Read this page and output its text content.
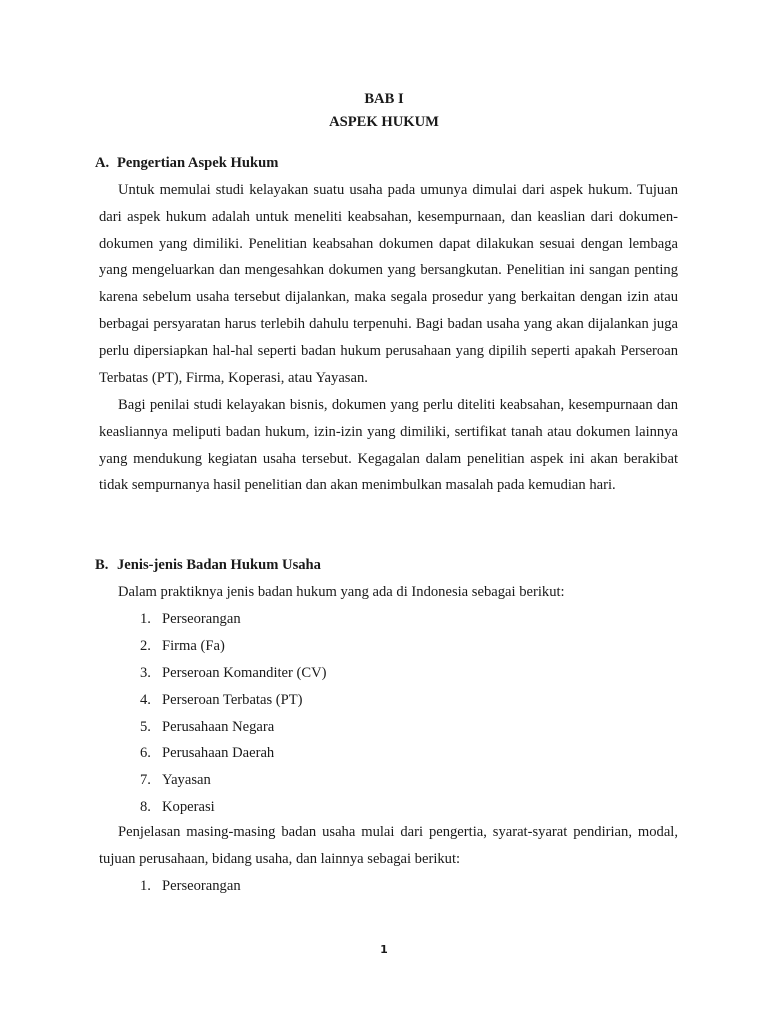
BAB I
ASPEK HUKUM
A. Pengertian Aspek Hukum

Untuk memulai studi kelayakan suatu usaha pada umunya dimulai dari aspek hukum. Tujuan dari aspek hukum adalah untuk meneliti keabsahan, kesempurnaan, dan keaslian dari dokumen-dokumen yang dimiliki. Penelitian keabsahan dokumen dapat dilakukan sesuai dengan lembaga yang mengeluarkan dan mengesahkan dokumen yang bersangkutan. Penelitian ini sangan penting karena sebelum usaha tersebut dijalankan, maka segala prosedur yang berkaitan dengan izin atau berbagai persyaratan harus terlebih dahulu terpenuhi. Bagi badan usaha yang akan dijalankan juga perlu dipersiapkan hal-hal seperti badan hukum perusahaan yang dipilih seperti apakah Perseroan Terbatas (PT), Firma, Koperasi, atau Yayasan.

Bagi penilai studi kelayakan bisnis, dokumen yang perlu diteliti keabsahan, kesempurnaan dan keasliannya meliputi badan hukum, izin-izin yang dimiliki, sertifikat tanah atau dokumen lainnya yang mendukung kegiatan usaha tersebut. Kegagalan dalam penelitian aspek ini akan berakibat tidak sempurnanya hasil penelitian dan akan menimbulkan masalah pada kemudian hari.

B. Jenis-jenis Badan Hukum Usaha

Dalam praktiknya jenis badan hukum yang ada di Indonesia sebagai berikut:

1. Perseorangan
2. Firma (Fa)
3. Perseroan Komanditer (CV)
4. Perseroan Terbatas (PT)
5. Perusahaan Negara
6. Perusahaan Daerah
7. Yayasan
8. Koperasi

Penjelasan masing-masing badan usaha mulai dari pengertia, syarat-syarat pendirian, modal, tujuan perusahaan, bidang usaha, dan lainnya sebagai berikut:

1. Perseorangan
1
